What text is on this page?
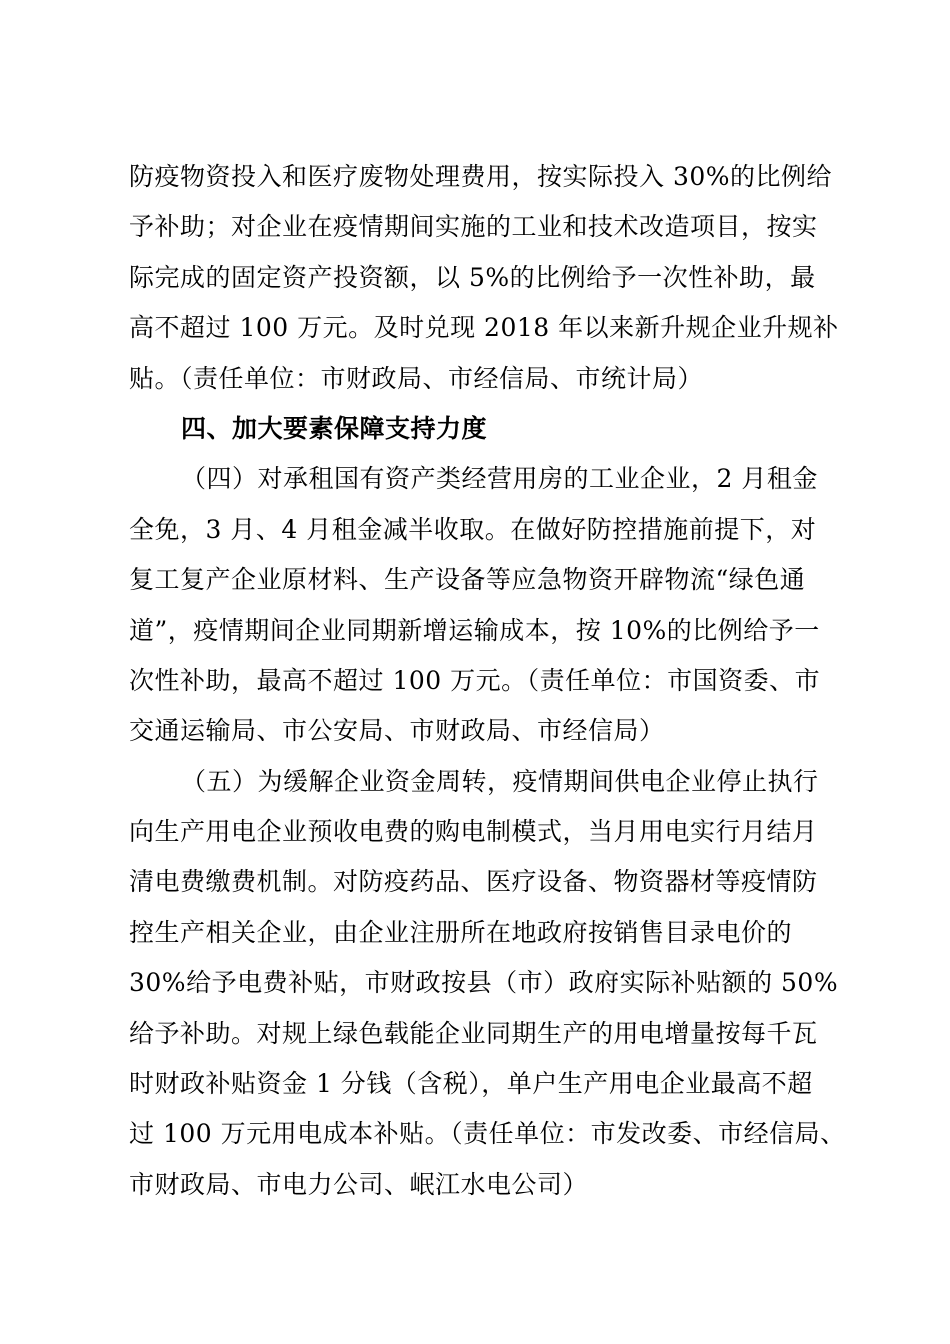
防疫物资投入和医疗废物处理费用，按实际投入 30%的比例给
予补助；对企业在疫情期间实施的工业和技术改造项目，按实
际完成的固定资产投资额，以 5%的比例给予一次性补助，最
高不超过 100 万元。及时兑现 2018 年以来新升规企业升规补
贴。（责任单位：市财政局、市经信局、市统计局）
四、加大要素保障支持力度
（四）对承租国有资产类经营用房的工业企业，2 月租金
全免，3 月、4 月租金减半收取。在做好防控措施前提下，对
复工复产企业原材料、生产设备等应急物资开辟物流“绿色通
道”，疫情期间企业同期新增运输成本，按 10%的比例给予一
次性补助，最高不超过 100 万元。（责任单位：市国资委、市
交通运输局、市公安局、市财政局、市经信局）
（五）为缓解企业资金周转，疫情期间供电企业停止执行
向生产用电企业预收电费的购电制模式，当月用电实行月结月
清电费缴费机制。对防疫药品、医疗设备、物资器材等疫情防
控生产相关企业，由企业注册所在地政府按销售目录电价的
30%给予电费补贴，市财政按县（市）政府实际补贴额的 50%
给予补助。对规上绿色载能企业同期生产的用电增量按每千瓦
时财政补贴资金 1 分钱（含税），单户生产用电企业最高不超
过 100 万元用电成本补贴。（责任单位：市发改委、市经信局、
市财政局、市电力公司、岷江水电公司）
